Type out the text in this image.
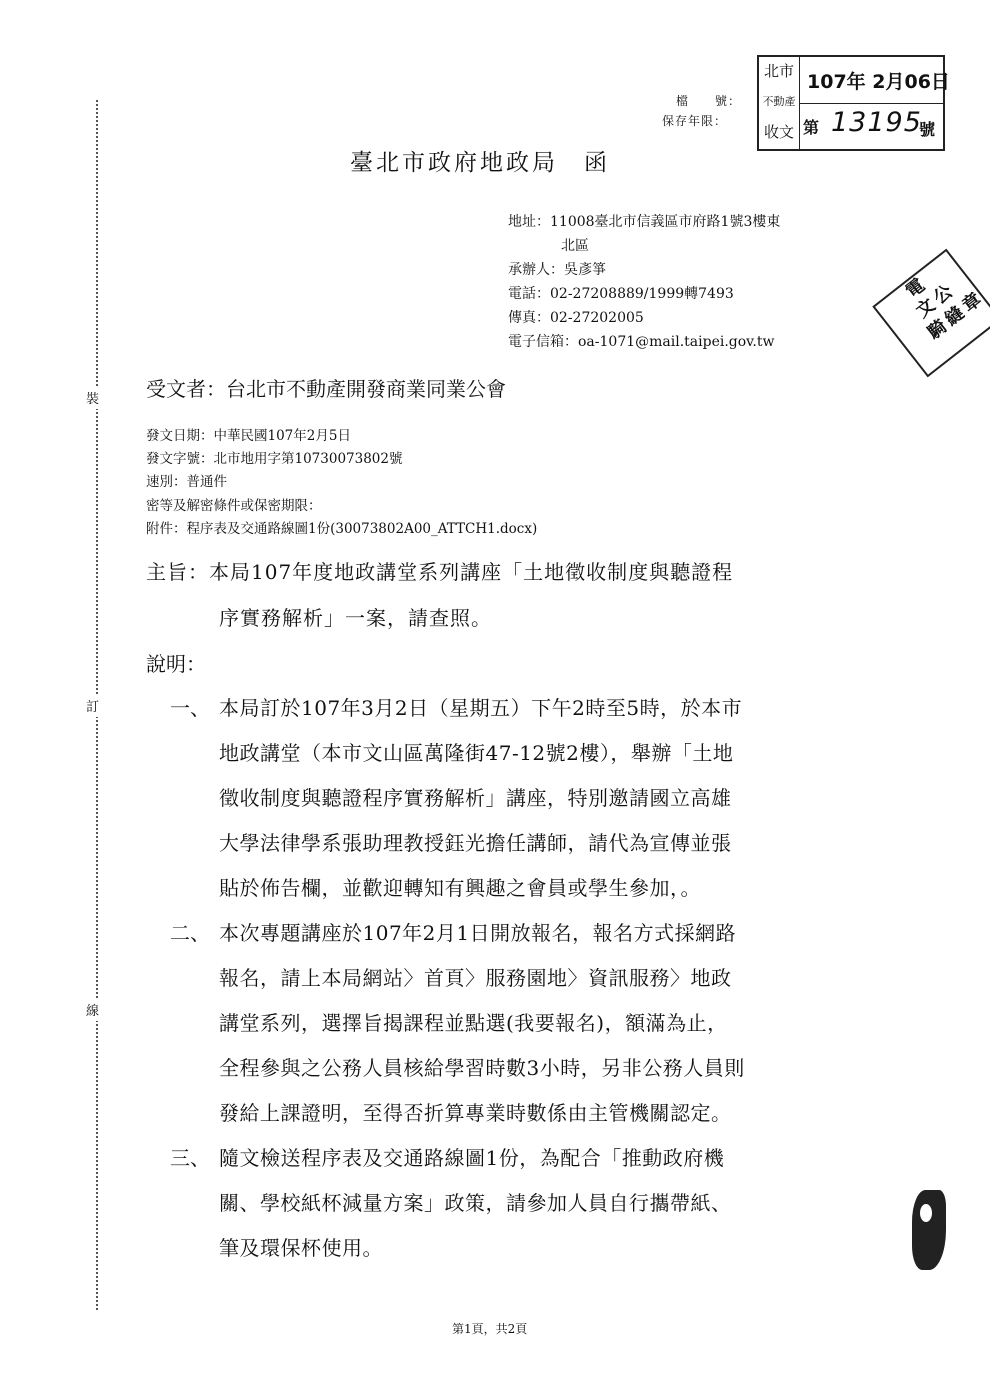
裝
訂
線
檔　　號：
保存年限：
北市
不動產
收文
107年 2月06日
第 13195
號
電
文
公
騎
縫
章
臺北市政府地政局　函
地址：11008臺北市信義區市府路1號3樓東
北區
承辦人：吳彥箏
電話：02-27208889/1999轉7493
傳真：02-27202005
電子信箱：oa-1071@mail.taipei.gov.tw
受文者：台北市不動產開發商業同業公會
發文日期：中華民國107年2月5日
發文字號：北市地用字第10730073802號
速別：普通件
密等及解密條件或保密期限：
附件：程序表及交通路線圖1份(30073802A00_ATTCH1.docx)
主旨：本局107年度地政講堂系列講座「土地徵收制度與聽證程
序實務解析」一案，請查照。
說明：
一、 本局訂於107年3月2日（星期五）下午2時至5時，於本市
地政講堂（本市文山區萬隆街47-12號2樓），舉辦「土地
徵收制度與聽證程序實務解析」講座，特別邀請國立高雄
大學法律學系張助理教授鈺光擔任講師，請代為宣傳並張
貼於佈告欄，並歡迎轉知有興趣之會員或學生參加，。
二、 本次專題講座於107年2月1日開放報名，報名方式採網路
報名，請上本局網站〉首頁〉服務園地〉資訊服務〉地政
講堂系列，選擇旨揭課程並點選(我要報名)，額滿為止，
全程參與之公務人員核給學習時數3小時，另非公務人員則
發給上課證明，至得否折算專業時數係由主管機關認定。
三、 隨文檢送程序表及交通路線圖1份，為配合「推動政府機
關、學校紙杯減量方案」政策，請參加人員自行攜帶紙、
筆及環保杯使用。
第1頁，共2頁
